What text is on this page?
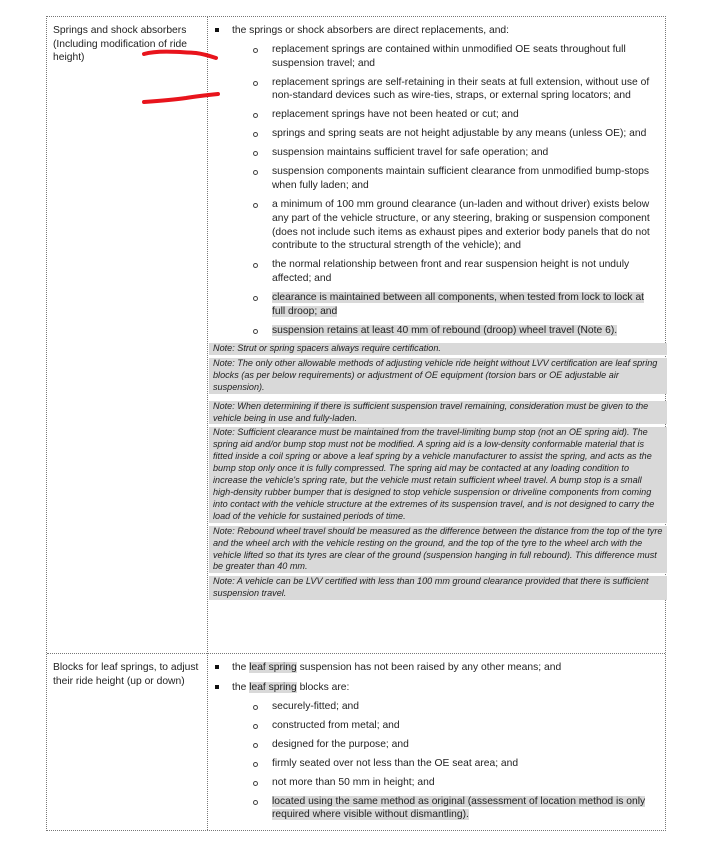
Springs and shock absorbers (Including modification of ride height)
the springs or shock absorbers are direct replacements, and:
replacement springs are contained within unmodified OE seats throughout full suspension travel; and
replacement springs are self-retaining in their seats at full extension, without use of non-standard devices such as wire-ties, straps, or external spring locators; and
replacement springs have not been heated or cut; and
springs and spring seats are not height adjustable by any means (unless OE); and
suspension maintains sufficient travel for safe operation; and
suspension components maintain sufficient clearance from unmodified bump-stops when fully laden; and
a minimum of 100 mm ground clearance (un-laden and without driver) exists below any part of the vehicle structure, or any steering, braking or suspension component (does not include such items as exhaust pipes and exterior body panels that do not contribute to the structural strength of the vehicle); and
the normal relationship between front and rear suspension height is not unduly affected; and
clearance is maintained between all components, when tested from lock to lock at full droop; and
suspension retains at least 40 mm of rebound (droop) wheel travel (Note 6).
Note: Strut or spring spacers always require certification.
Note: The only other allowable methods of adjusting vehicle ride height without LVV certification are leaf spring blocks (as per below requirements) or adjustment of OE equipment (torsion bars or OE adjustable air suspension).
Note: When determining if there is sufficient suspension travel remaining, consideration must be given to the vehicle being in use and fully-laden.
Note: Sufficient clearance must be maintained from the travel-limiting bump stop (not an OE spring aid). The spring aid and/or bump stop must not be modified. A spring aid is a low-density conformable material that is fitted inside a coil spring or above a leaf spring by a vehicle manufacturer to assist the spring, and acts as the bump stop only once it is fully compressed. The spring aid may be contacted at any loading condition to increase the vehicle's spring rate, but the vehicle must retain sufficient wheel travel. A bump stop is a small high-density rubber bumper that is designed to stop vehicle suspension or driveline components from coming into contact with the vehicle structure at the extremes of its suspension travel, and is not designed to carry the load of the vehicle for sustained periods of time.
Note: Rebound wheel travel should be measured as the difference between the distance from the top of the tyre and the wheel arch with the vehicle resting on the ground, and the top of the tyre to the wheel arch with the vehicle lifted so that its tyres are clear of the ground (suspension hanging in full rebound). This difference must be greater than 40 mm.
Note: A vehicle can be LVV certified with less than 100 mm ground clearance provided that there is sufficient suspension travel.
Blocks for leaf springs, to adjust their ride height (up or down)
the leaf spring suspension has not been raised by any other means; and
the leaf spring blocks are:
securely-fitted; and
constructed from metal; and
designed for the purpose; and
firmly seated over not less than the OE seat area; and
not more than 50 mm in height; and
located using the same method as original (assessment of location method is only required where visible without dismantling).
